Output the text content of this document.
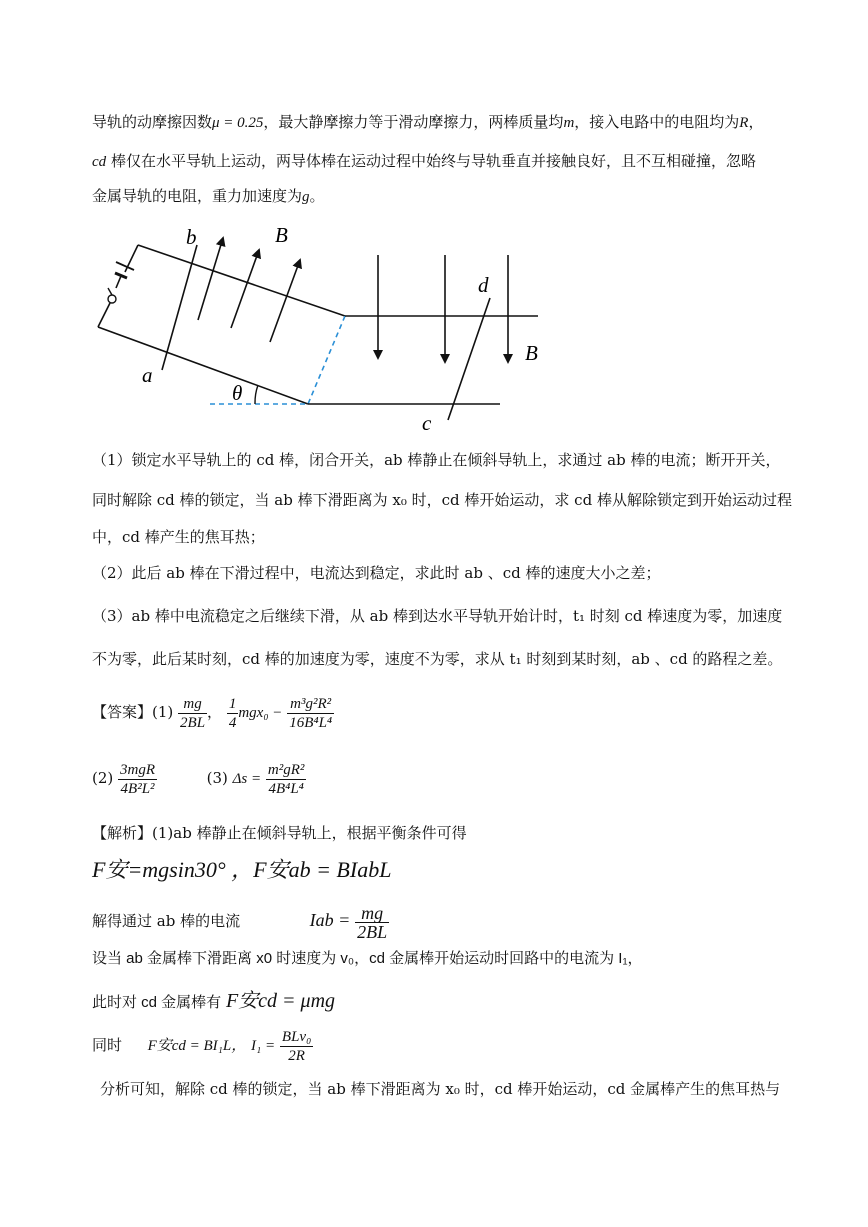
导轨的动摩擦因数μ = 0.25，最大静摩擦力等于滑动摩擦力，两棒质量均m，接入电路中的电阻均为R，
cd 棒仅在水平导轨上运动，两导体棒在运动过程中始终与导轨垂直并接触良好，且不互相碰撞，忽略
金属导轨的电阻，重力加速度为g。
b	B
a
θ
d
B
c
（1）锁定水平导轨上的 cd 棒，闭合开关，ab 棒静止在倾斜导轨上，求通过 ab 棒的电流；断开开关，
同时解除 cd 棒的锁定，当 ab 棒下滑距离为 x₀ 时，cd 棒开始运动，求 cd 棒从解除锁定到开始运动过程
中，cd 棒产生的焦耳热；
（2）此后 ab 棒在下滑过程中，电流达到稳定，求此时 ab 、cd 棒的速度大小之差；
（3）ab 棒中电流稳定之后继续下滑，从 ab 棒到达水平导轨开始计时，t₁ 时刻 cd 棒速度为零，加速度
不为零，此后某时刻，cd 棒的加速度为零，速度不为零，求从 t₁ 时刻到某时刻，ab 、cd 的路程之差。
【答案】$(1) \frac{mg}{2BL}$ ， $\frac{1}{4} mgx_0 - \frac{\text{m³g²R²}}{\text{16B⁴L⁴}}$
$(2) \frac{\text{3mgR}}{\text{4B²L²}}$	(3) $\Delta s = \frac{\text{m²gR²}}{\text{4B⁴L⁴}}$
【解析】(1)ab 棒静止在倾斜导轨上，根据平衡条件可得
F安=mgsin30° ，F安ab = BIabL
解得通过 ab 棒的电流	Iab = $\frac{mg}{2BL}$
设当 ab 金属棒下滑距离 x0 时速度为 v₀，cd 金属棒开始运动时回路中的电流为 I₁，
此时对 cd 金属棒有 F安cd = μmg
同时 F安cd = BI₁L， $I_1 = \frac{\text{BLv₀}}{2R}$
分析可知，解除 cd 棒的锁定，当 ab 棒下滑距离为 x₀ 时，cd 棒开始运动，cd 金属棒产生的焦耳热与
